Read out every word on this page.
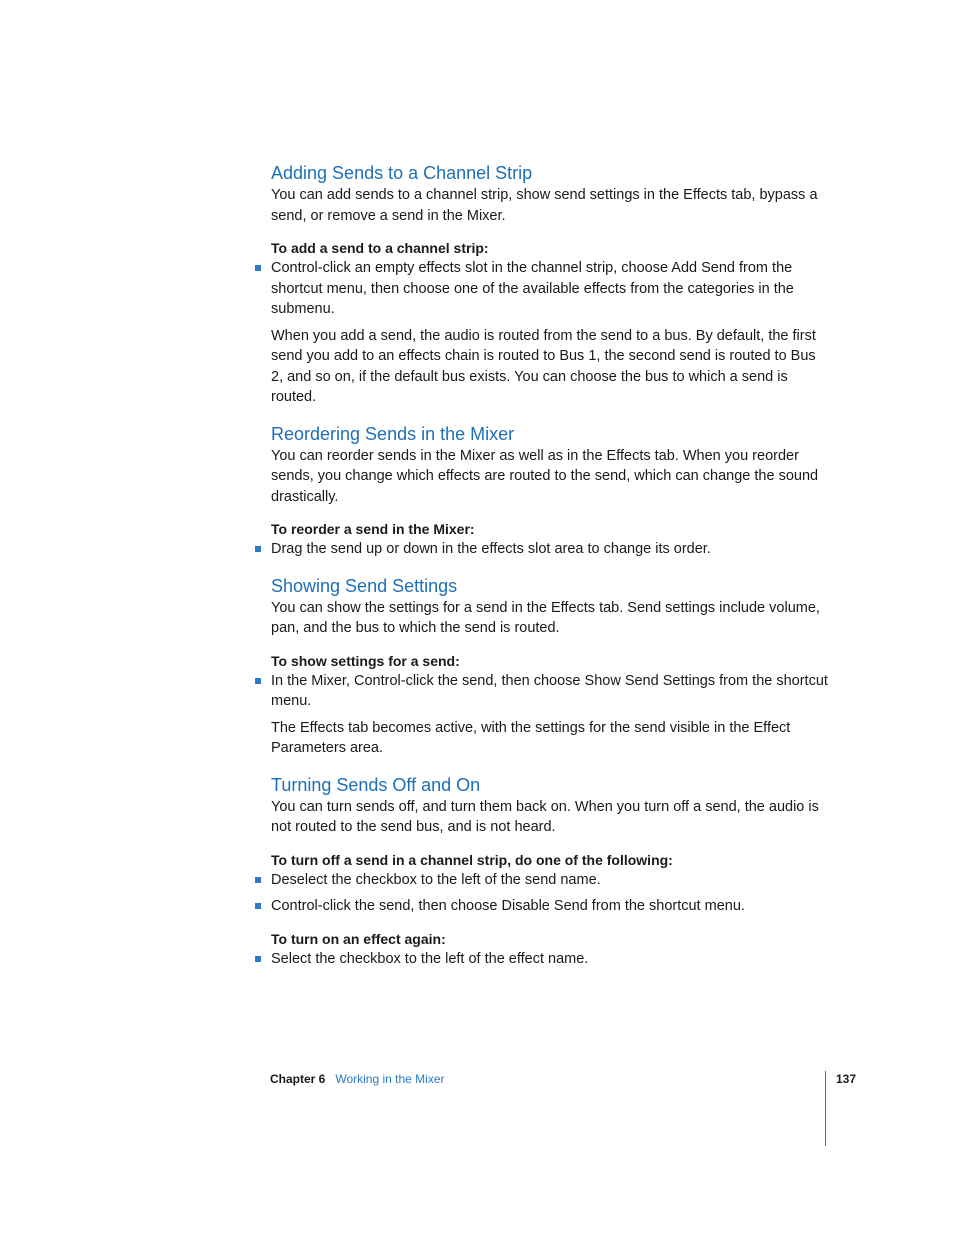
Adding Sends to a Channel Strip

You can add sends to a channel strip, show send settings in the Effects tab, bypass a send, or remove a send in the Mixer.

To add a send to a channel strip:
Control-click an empty effects slot in the channel strip, choose Add Send from the shortcut menu, then choose one of the available effects from the categories in the submenu.

When you add a send, the audio is routed from the send to a bus. By default, the first send you add to an effects chain is routed to Bus 1, the second send is routed to Bus 2, and so on, if the default bus exists. You can choose the bus to which a send is routed.

Reordering Sends in the Mixer

You can reorder sends in the Mixer as well as in the Effects tab. When you reorder sends, you change which effects are routed to the send, which can change the sound drastically.

To reorder a send in the Mixer:
Drag the send up or down in the effects slot area to change its order.
Showing Send Settings

You can show the settings for a send in the Effects tab. Send settings include volume, pan, and the bus to which the send is routed.

To show settings for a send:
In the Mixer, Control-click the send, then choose Show Send Settings from the shortcut menu.

The Effects tab becomes active, with the settings for the send visible in the Effect Parameters area.

Turning Sends Off and On

You can turn sends off, and turn them back on. When you turn off a send, the audio is not routed to the send bus, and is not heard.

To turn off a send in a channel strip, do one of the following:
Deselect the checkbox to the left of the send name.
Control-click the send, then choose Disable Send from the shortcut menu.
To turn on an effect again:
Select the checkbox to the left of the effect name.
Chapter 6 Working in the Mixer	137
